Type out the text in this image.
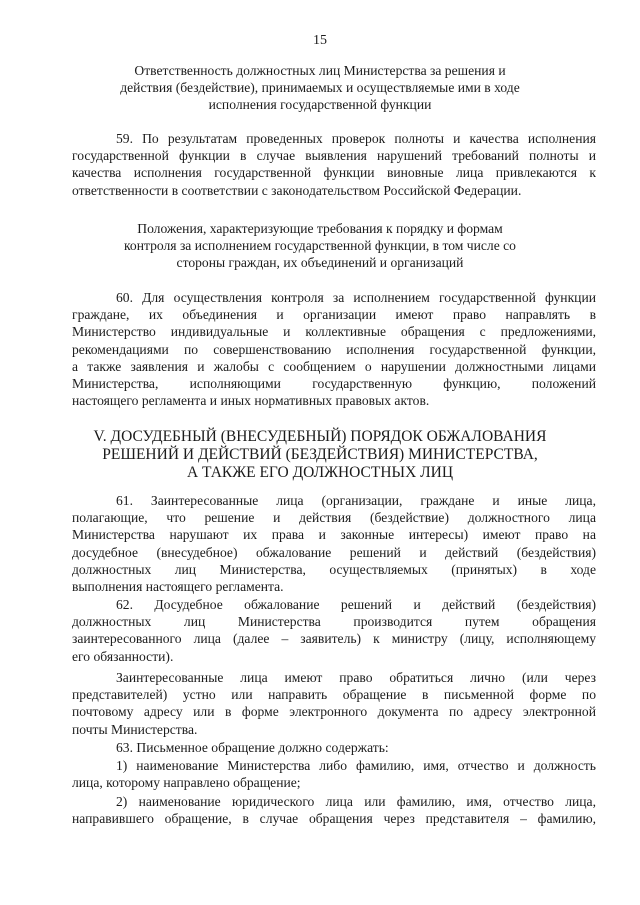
15
Ответственность должностных лиц Министерства за решения и
действия (бездействие), принимаемых и осуществляемые ими в ходе
исполнения государственной функции
59. По результатам проведенных проверок полноты и качества исполнения
государственной функции в случае выявления нарушений требований полноты и
качества исполнения государственной функции виновные лица привлекаются к
ответственности в соответствии с законодательством Российской Федерации.
Положения, характеризующие требования к порядку и формам
контроля за исполнением государственной функции, в том числе со
стороны граждан, их объединений и организаций
60. Для осуществления контроля за исполнением государственной функции
граждане, их объединения и организации имеют право направлять в
Министерство индивидуальные и коллективные обращения с предложениями,
рекомендациями по совершенствованию исполнения государственной функции,
а также заявления и жалобы с сообщением о нарушении должностными лицами
Министерства, исполняющими государственную функцию, положений
настоящего регламента и иных нормативных правовых актов.
V. ДОСУДЕБНЫЙ (ВНЕСУДЕБНЫЙ) ПОРЯДОК ОБЖАЛОВАНИЯ
РЕШЕНИЙ И ДЕЙСТВИЙ (БЕЗДЕЙСТВИЯ) МИНИСТЕРСТВА,
А ТАКЖЕ ЕГО ДОЛЖНОСТНЫХ ЛИЦ
61. Заинтересованные лица (организации, граждане и иные лица,
полагающие, что решение и действия (бездействие) должностного лица
Министерства нарушают их права и законные интересы) имеют право на
досудебное (внесудебное) обжалование решений и действий (бездействия)
должностных лиц Министерства, осуществляемых (принятых) в ходе
выполнения настоящего регламента.
62. Досудебное обжалование решений и действий (бездействия)
должностных лиц Министерства производится путем обращения
заинтересованного лица (далее – заявитель) к министру (лицу, исполняющему
его обязанности).
Заинтересованные лица имеют право обратиться лично (или через
представителей) устно или направить обращение в письменной форме по
почтовому адресу или в форме электронного документа по адресу электронной
почты Министерства.
63. Письменное обращение должно содержать:
1) наименование Министерства либо фамилию, имя, отчество и должность
лица, которому направлено обращение;
2) наименование юридического лица или фамилию, имя, отчество лица,
направившего обращение, в случае обращения через представителя – фамилию,
